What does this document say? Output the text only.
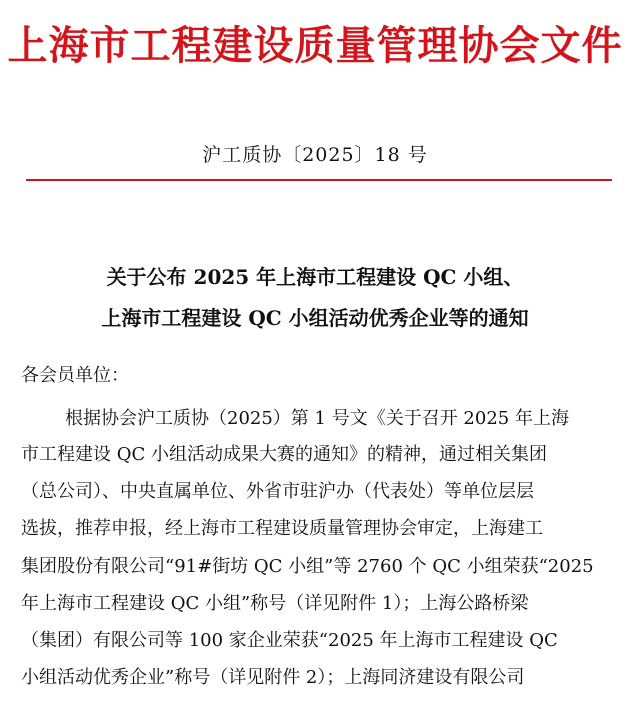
上海市工程建设质量管理协会文件
沪工质协〔2025〕18 号
关于公布 2025 年上海市工程建设 QC 小组、
上海市工程建设 QC 小组活动优秀企业等的通知
各会员单位：
根据协会沪工质协（2025）第 1 号文《关于召开 2025 年上海
市工程建设 QC 小组活动成果大赛的通知》的精神，通过相关集团
（总公司）、中央直属单位、外省市驻沪办（代表处）等单位层层
选拔，推荐申报，经上海市工程建设质量管理协会审定，上海建工
集团股份有限公司“91#街坊 QC 小组”等 2760 个 QC 小组荣获“2025
年上海市工程建设 QC 小组”称号（详见附件 1）；上海公路桥梁
（集团）有限公司等 100 家企业荣获“2025 年上海市工程建设 QC
小组活动优秀企业”称号（详见附件 2）；上海同济建设有限公司
